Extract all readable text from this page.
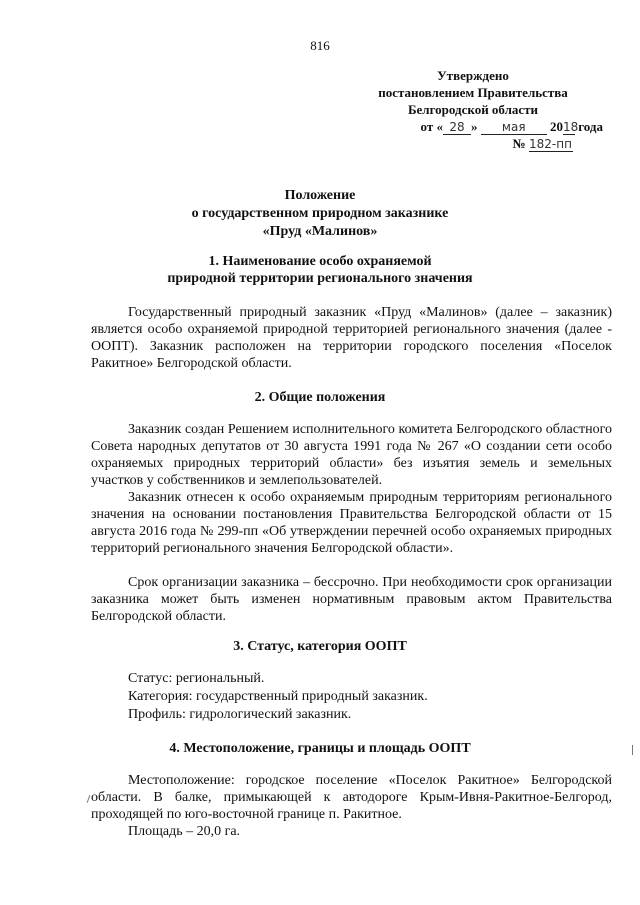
816
Утверждено
постановлением Правительства
Белгородской области
от « 28 » мая 2018 года
№ 182-пп
Положение
о государственном природном заказнике
«Пруд «Малинов»
1. Наименование особо охраняемой
природной территории регионального значения

Государственный природный заказник «Пруд «Малинов» (далее – заказник) является особо охраняемой природной территорией регионального значения (далее - ООПТ). Заказник расположен на территории городского поселения «Поселок Ракитное» Белгородской области.

2. Общие положения

Заказник создан Решением исполнительного комитета Белгородского областного Совета народных депутатов от 30 августа 1991 года № 267 «О создании сети особо охраняемых природных территорий области» без изъятия земель и земельных участков у собственников и землепользователей.

Заказник отнесен к особо охраняемым природным территориям регионального значения на основании постановления Правительства Белгородской области от 15 августа 2016 года № 299-пп «Об утверждении перечней особо охраняемых природных территорий регионального значения Белгородской области».

Срок организации заказника – бессрочно. При необходимости срок организации заказника может быть изменен нормативным правовым актом Правительства Белгородской области.

3. Статус, категория ООПТ
Статус: региональный.
Категория: государственный природный заказник.
Профиль: гидрологический заказник.
4. Местоположение, границы и площадь ООПТ

Местоположение: городское поселение «Поселок Ракитное» Белгородской области. В балке, примыкающей к автодороге Крым-Ивня-Ракитное-Белгород, проходящей по юго-восточной границе п. Ракитное.

Площадь – 20,0 га.
